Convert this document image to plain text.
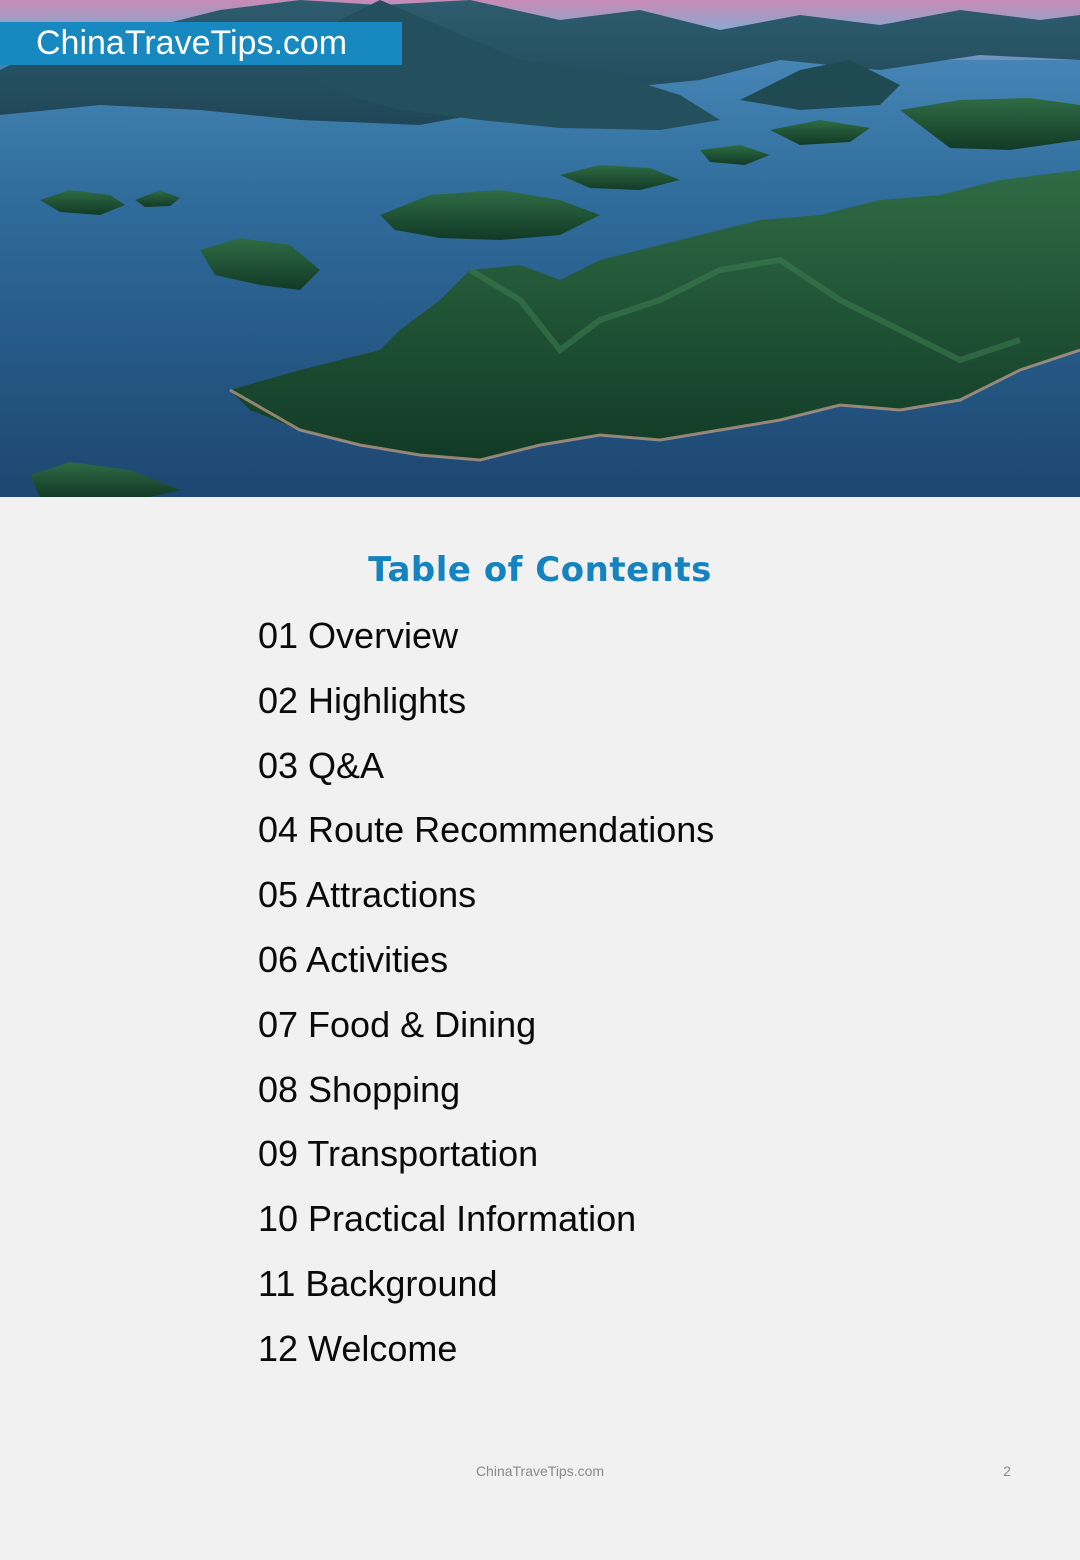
ChinaTraveTips.com
Table of Contents
01 Overview
02 Highlights
03 Q&A
04 Route Recommendations
05 Attractions
06 Activities
07 Food & Dining
08 Shopping
09 Transportation
10 Practical Information
11 Background
12 Welcome
ChinaTraveTips.com	2
